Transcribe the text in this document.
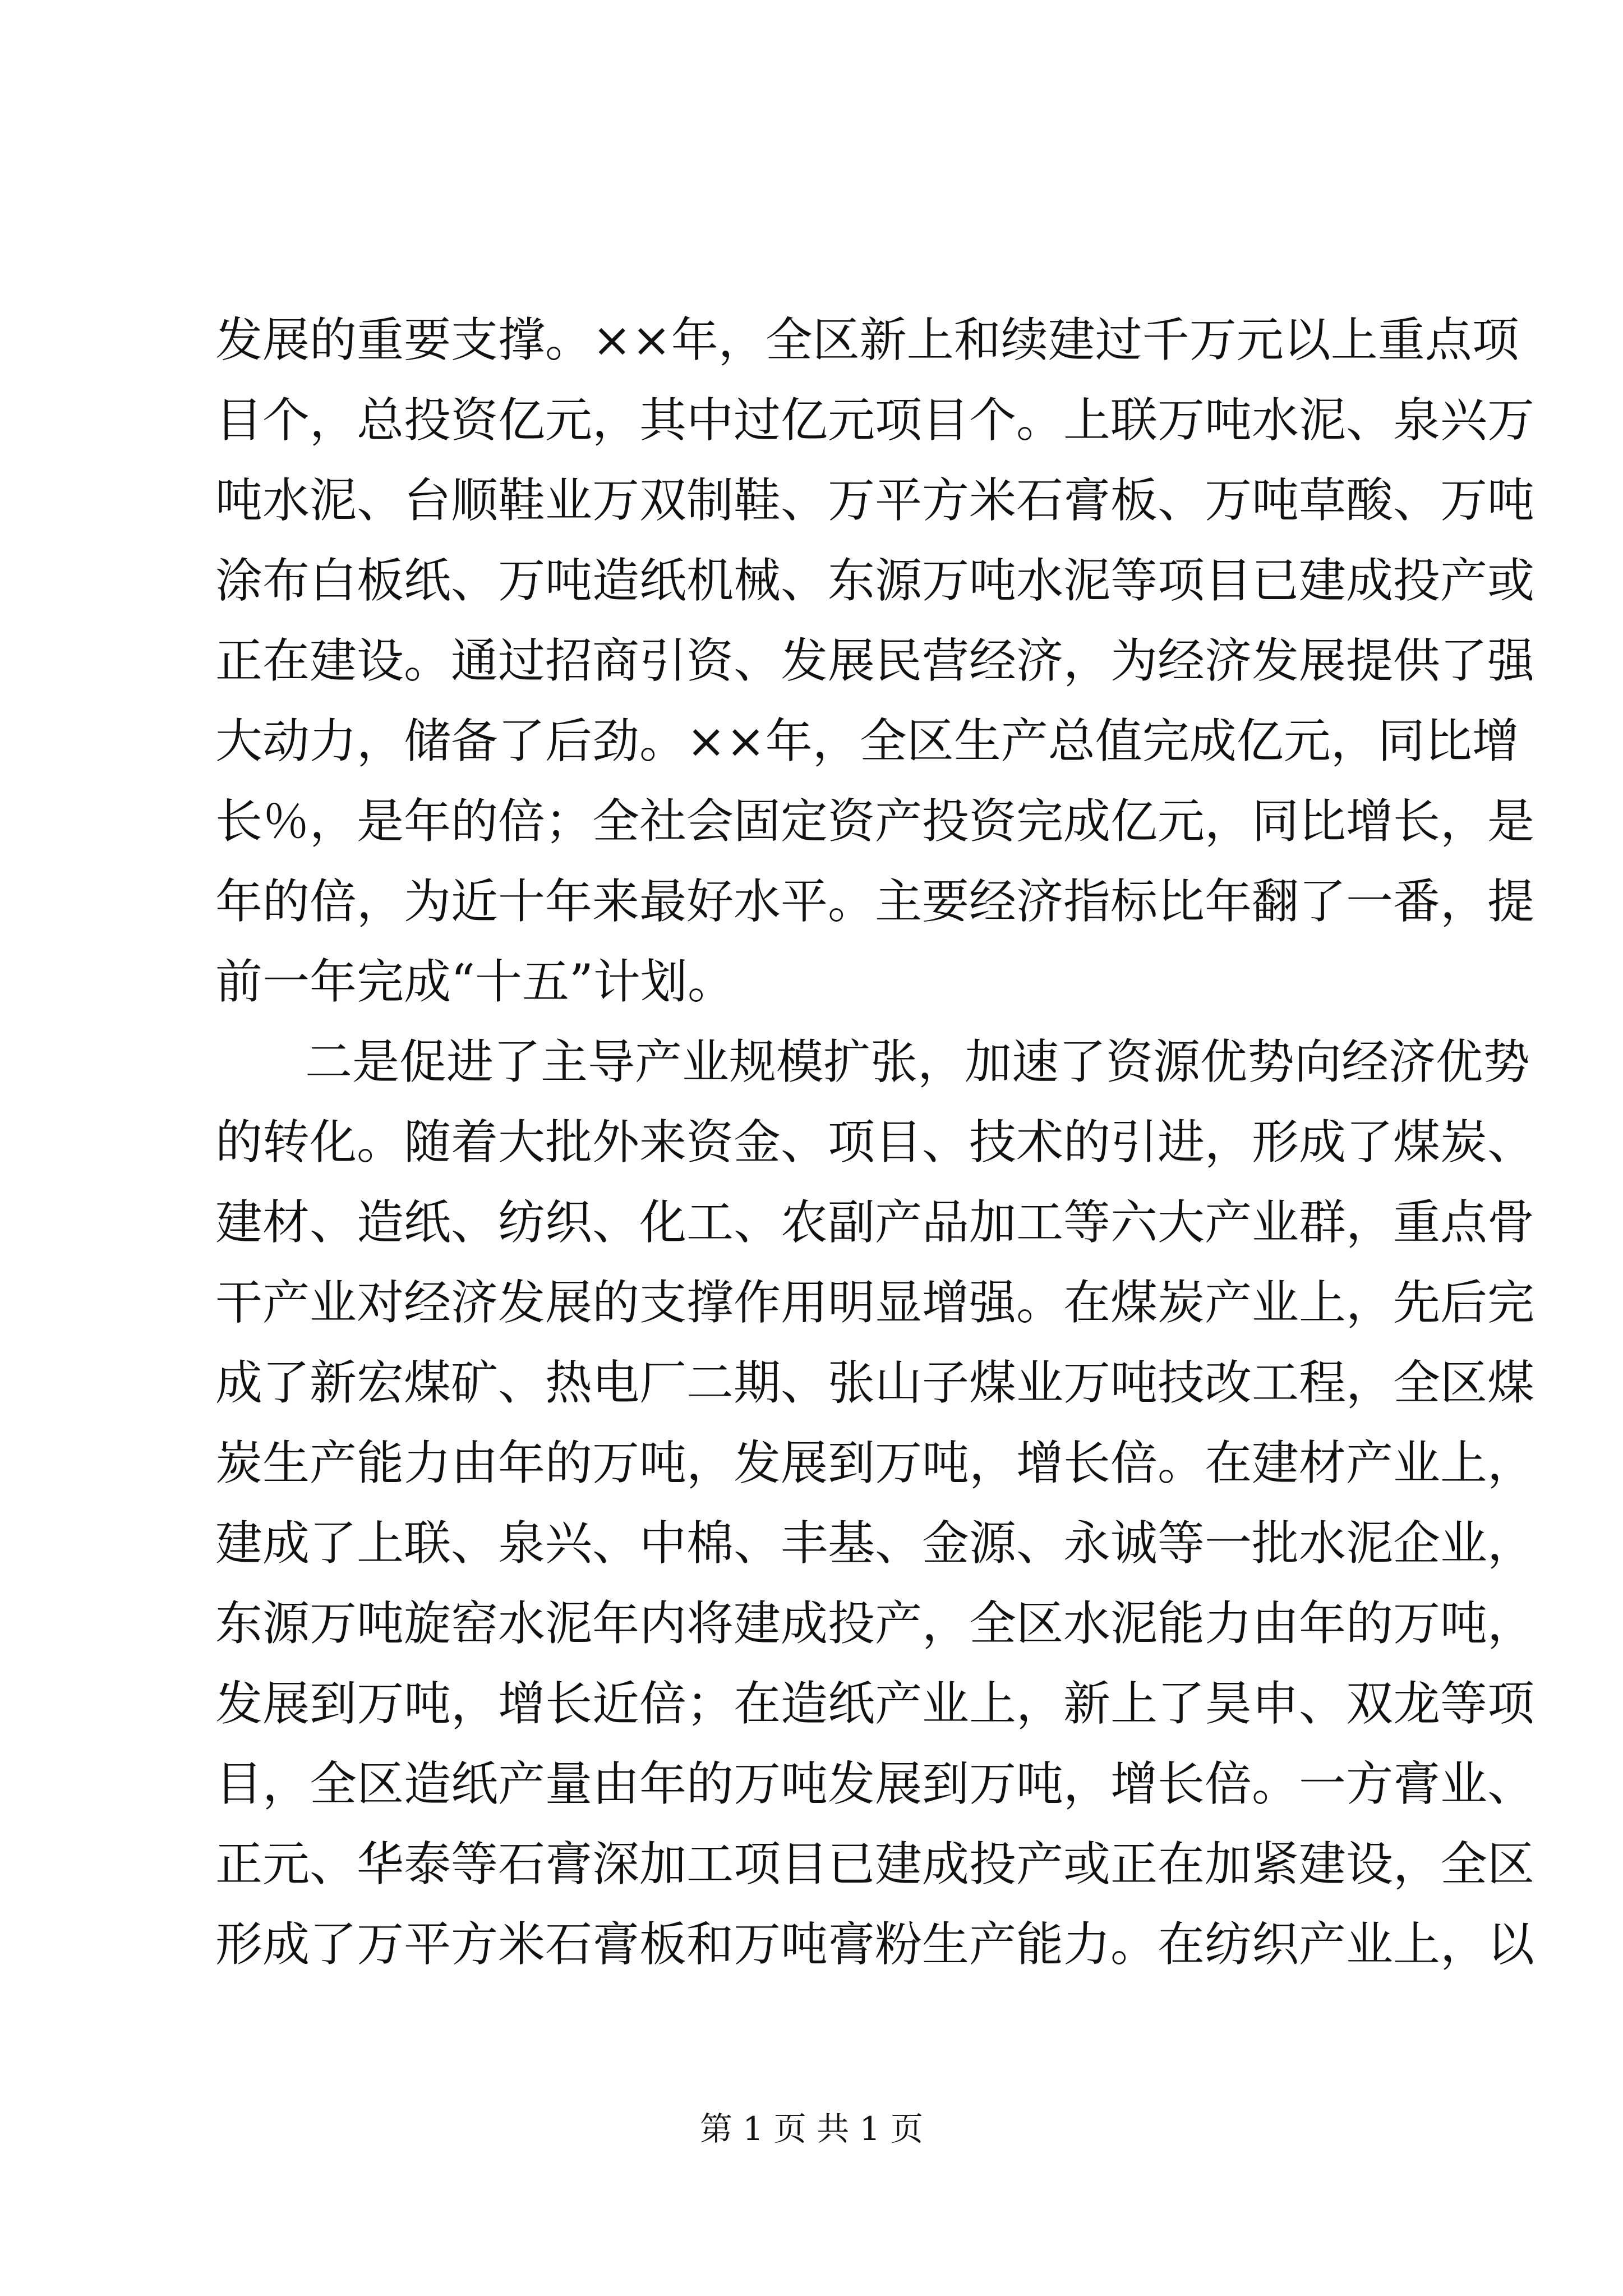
发展的重要支撑。××年，全区新上和续建过千万元以上重点项
目个，总投资亿元，其中过亿元项目个。上联万吨水泥、泉兴万
吨水泥、台顺鞋业万双制鞋、万平方米石膏板、万吨草酸、万吨
涂布白板纸、万吨造纸机械、东源万吨水泥等项目已建成投产或
正在建设。通过招商引资、发展民营经济，为经济发展提供了强
大动力，储备了后劲。××年，全区生产总值完成亿元，同比增
长％，是年的倍；全社会固定资产投资完成亿元，同比增长，是
年的倍，为近十年来最好水平。主要经济指标比年翻了一番，提
前一年完成“十五”计划。
二是促进了主导产业规模扩张，加速了资源优势向经济优势
的转化。随着大批外来资金、项目、技术的引进，形成了煤炭、
建材、造纸、纺织、化工、农副产品加工等六大产业群，重点骨
干产业对经济发展的支撑作用明显增强。在煤炭产业上，先后完
成了新宏煤矿、热电厂二期、张山子煤业万吨技改工程，全区煤
炭生产能力由年的万吨，发展到万吨，增长倍。在建材产业上，
建成了上联、泉兴、中棉、丰基、金源、永诚等一批水泥企业，
东源万吨旋窑水泥年内将建成投产，全区水泥能力由年的万吨，
发展到万吨，增长近倍；在造纸产业上，新上了昊申、双龙等项
目，全区造纸产量由年的万吨发展到万吨，增长倍。一方膏业、
正元、华泰等石膏深加工项目已建成投产或正在加紧建设，全区
形成了万平方米石膏板和万吨膏粉生产能力。在纺织产业上，以
第 1 页 共 1 页
